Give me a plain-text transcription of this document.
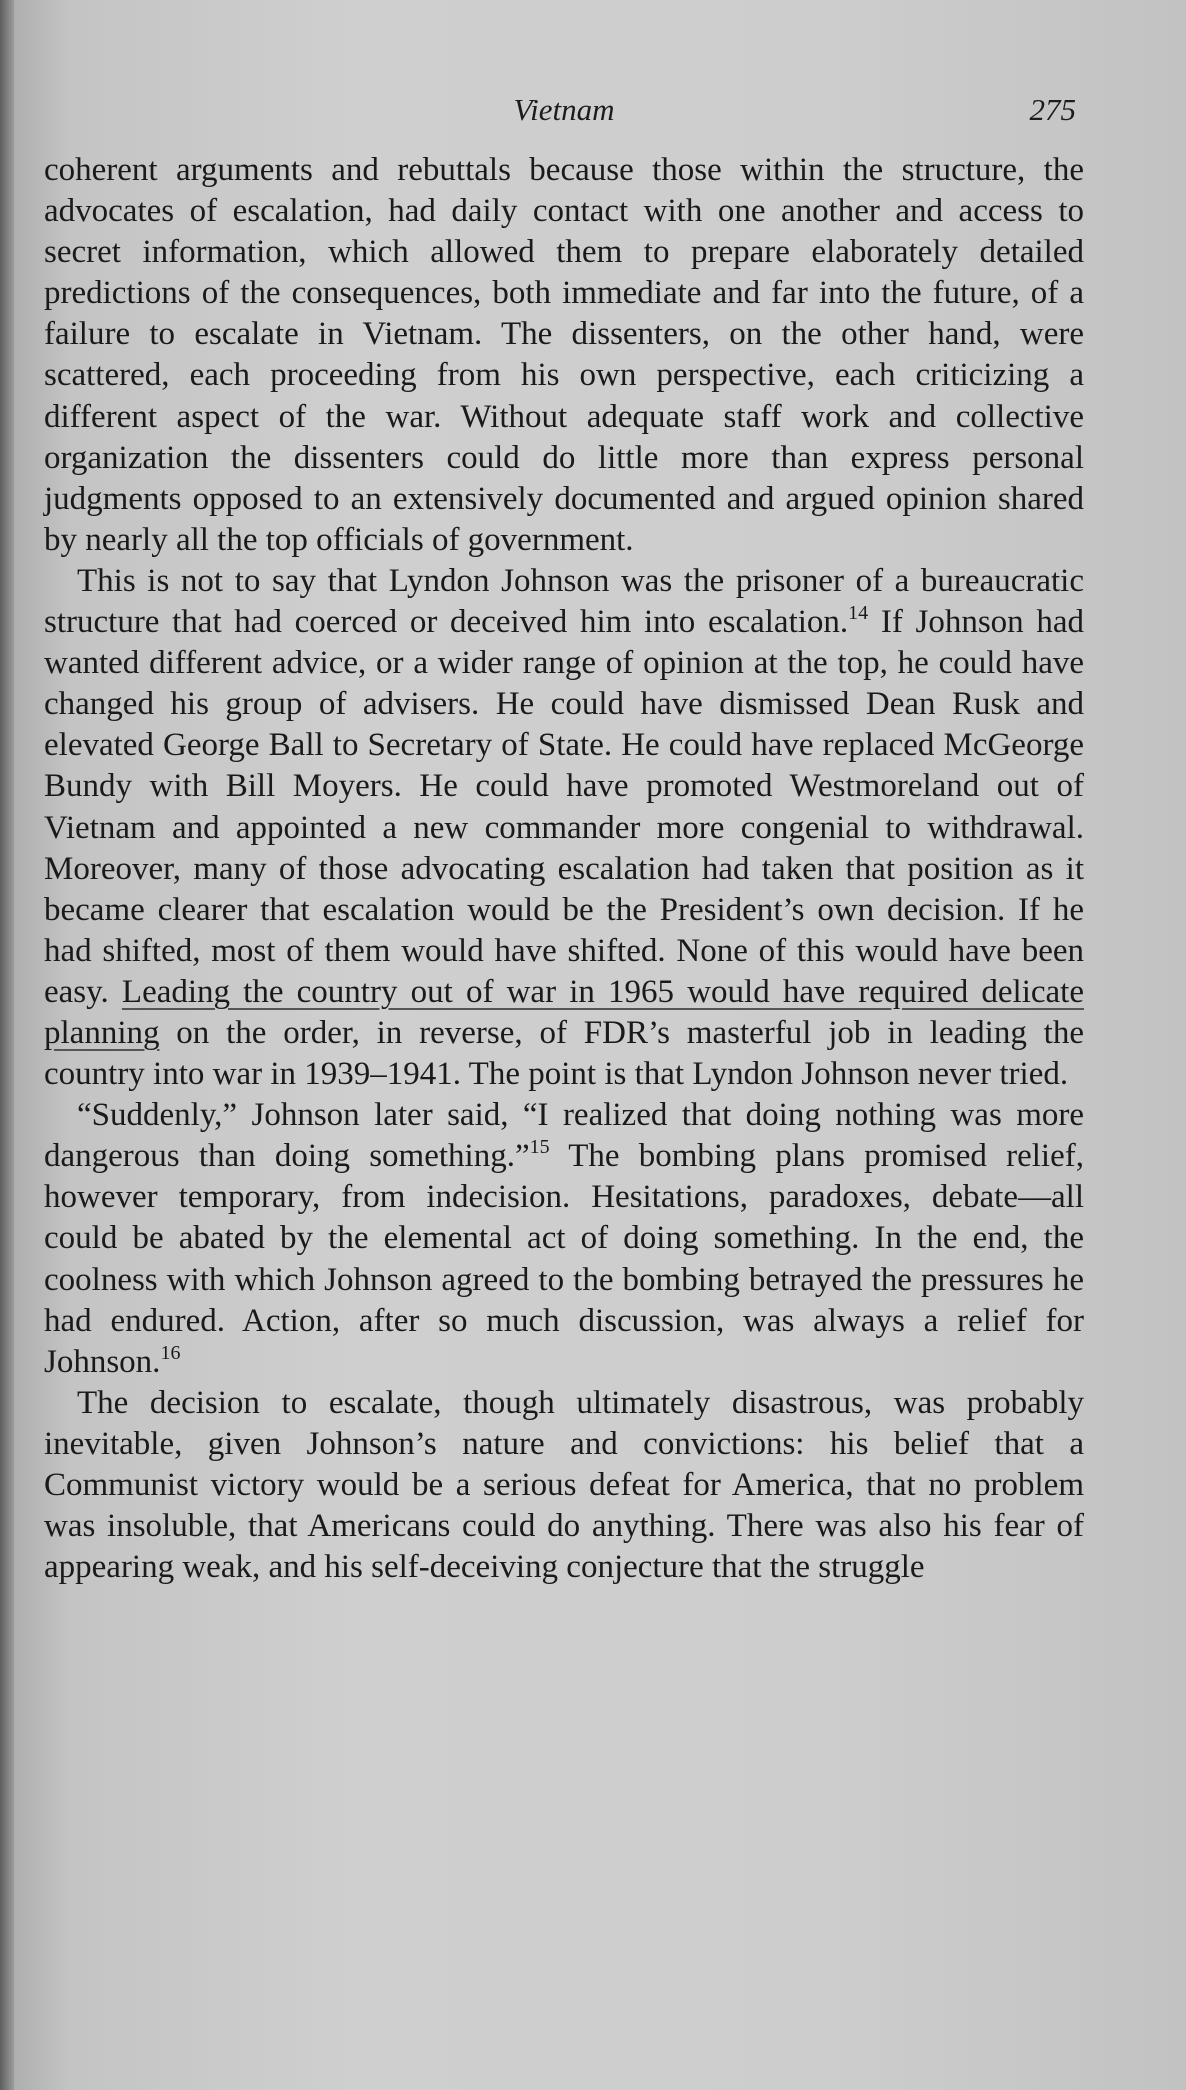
Vietnam	275

coherent arguments and rebuttals because those within the structure, the advocates of escalation, had daily contact with one another and access to secret information, which allowed them to prepare elaborately detailed predictions of the consequences, both immediate and far into the future, of a failure to escalate in Vietnam. The dissenters, on the other hand, were scattered, each proceeding from his own perspective, each criticizing a different aspect of the war. Without adequate staff work and collective organization the dissenters could do little more than express personal judgments opposed to an extensively documented and argued opinion shared by nearly all the top officials of government.

This is not to say that Lyndon Johnson was the prisoner of a bureaucratic structure that had coerced or deceived him into escalation.$^{14}$ If Johnson had wanted different advice, or a wider range of opinion at the top, he could have changed his group of advisers. He could have dismissed Dean Rusk and elevated George Ball to Secretary of State. He could have replaced McGeorge Bundy with Bill Moyers. He could have promoted Westmoreland out of Vietnam and appointed a new commander more congenial to withdrawal. Moreover, many of those advocating escalation had taken that position as it became clearer that escalation would be the President’s own decision. If he had shifted, most of them would have shifted. None of this would have been easy. Leading the country out of war in 1965 would have required delicate planning on the order, in reverse, of FDR’s masterful job in leading the country into war in 1939–1941. The point is that Lyndon Johnson never tried.

“Suddenly,” Johnson later said, “I realized that doing nothing was more dangerous than doing something.”$^{15}$ The bombing plans promised relief, however temporary, from indecision. Hesitations, paradoxes, debate—all could be abated by the elemental act of doing something. In the end, the coolness with which Johnson agreed to the bombing betrayed the pressures he had endured. Action, after so much discussion, was always a relief for Johnson.$^{16}$

The decision to escalate, though ultimately disastrous, was probably inevitable, given Johnson’s nature and convictions: his belief that a Communist victory would be a serious defeat for America, that no problem was insoluble, that Americans could do anything. There was also his fear of appearing weak, and his self-deceiving conjecture that the struggle
